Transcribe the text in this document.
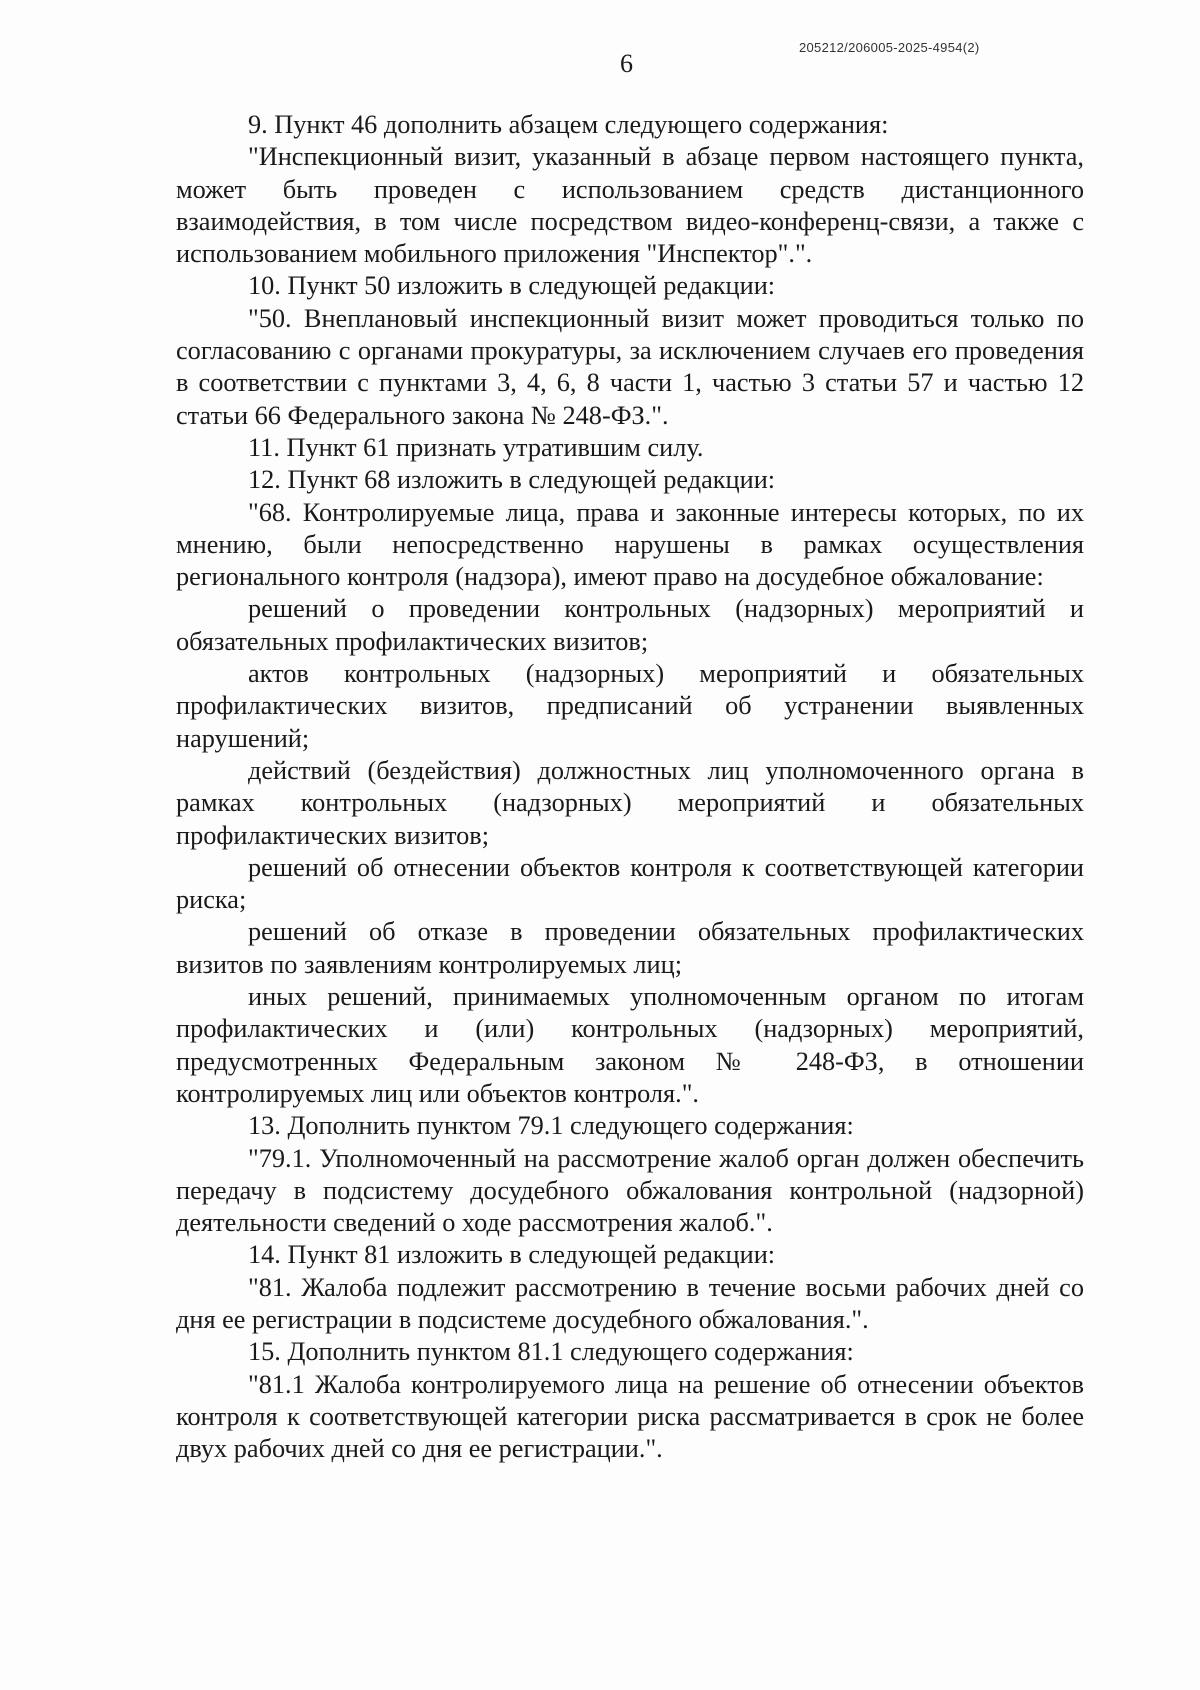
6
205212/206005-2025-4954(2)

9. Пункт 46 дополнить абзацем следующего содержания:

"Инспекционный визит, указанный в абзаце первом настоящего пункта, может быть проведен с использованием средств дистанционного взаимодействия, в том числе посредством видео-конференц-связи, а также с использованием мобильного приложения "Инспектор".".

10. Пункт 50 изложить в следующей редакции:

"50. Внеплановый инспекционный визит может проводиться только по согласованию с органами прокуратуры, за исключением случаев его проведения в соответствии с пунктами 3, 4, 6, 8 части 1, частью 3 статьи 57 и частью 12 статьи 66 Федерального закона № 248-ФЗ.".

11. Пункт 61 признать утратившим силу.

12. Пункт 68 изложить в следующей редакции:

"68. Контролируемые лица, права и законные интересы которых, по их мнению, были непосредственно нарушены в рамках осуществления регионального контроля (надзора), имеют право на досудебное обжалование:

решений о проведении контрольных (надзорных) мероприятий и обязательных профилактических визитов;

актов контрольных (надзорных) мероприятий и обязательных профилактических визитов, предписаний об устранении выявленных нарушений;

действий (бездействия) должностных лиц уполномоченного органа в рамках контрольных (надзорных) мероприятий и обязательных профилактических визитов;

решений об отнесении объектов контроля к соответствующей категории риска;

решений об отказе в проведении обязательных профилактических визитов по заявлениям контролируемых лиц;

иных решений, принимаемых уполномоченным органом по итогам профилактических и (или) контрольных (надзорных) мероприятий, предусмотренных Федеральным законом № 248-ФЗ, в отношении контролируемых лиц или объектов контроля.".

13. Дополнить пунктом 79.1 следующего содержания:

"79.1. Уполномоченный на рассмотрение жалоб орган должен обеспечить передачу в подсистему досудебного обжалования контрольной (надзорной) деятельности сведений о ходе рассмотрения жалоб.".

14. Пункт 81 изложить в следующей редакции:

"81. Жалоба подлежит рассмотрению в течение восьми рабочих дней со дня ее регистрации в подсистеме досудебного обжалования.".

15. Дополнить пунктом 81.1 следующего содержания:

"81.1 Жалоба контролируемого лица на решение об отнесении объектов контроля к соответствующей категории риска рассматривается в срок не более двух рабочих дней со дня ее регистрации.".
